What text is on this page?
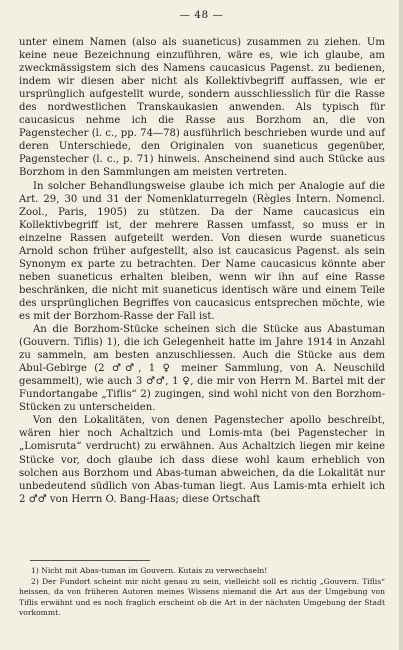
— 48 —

unter einem Namen (also als suaneticus) zusammen zu ziehen. Um keine neue Bezeichnung einzuführen, wäre es, wie ich glaube, am zweckmässigstem sich des Namens caucasicus Pagenst. zu bedienen, indem wir diesen aber nicht als Kollektivbegriff auffassen, wie er ursprünglich aufgestellt wurde, sondern ausschliesslich für die Rasse des nordwestlichen Transkaukasien anwenden. Als typisch für caucasicus nehme ich die Rasse aus Borzhom an, die von Pagenstecher (l. c., pp. 74—78) ausführlich beschrieben wurde und auf deren Unterschiede, den Originalen von suaneticus gegenüber, Pagenstecher (l. c., p. 71) hinweis. Anscheinend sind auch Stücke aus Borzhom in den Sammlungen am meisten vertreten.

In solcher Behandlungsweise glaube ich mich per Analogie auf die Art. 29, 30 und 31 der Nomenklaturregeln (Règles Intern. Nomencl. Zool., Paris, 1905) zu stützen. Da der Name caucasicus ein Kollektivbegriff ist, der mehrere Rassen umfasst, so muss er in einzelne Rassen aufgeteilt werden. Von diesen wurde suaneticus Arnold schon früher aufgestellt, also ist caucasicus Pagenst. als sein Synonym ex parte zu betrachten. Der Name caucasicus könnte aber neben suaneticus erhalten bleiben, wenn wir ihn auf eine Rasse beschränken, die nicht mit suaneticus identisch wäre und einem Teile des ursprünglichen Begriffes von caucasicus entsprechen möchte, wie es mit der Borzhom-Rasse der Fall ist.

An die Borzhom-Stücke scheinen sich die Stücke aus Abastuman (Gouvern. Tiflis) 1), die ich Gelegenheit hatte im Jahre 1914 in Anzahl zu sammeln, am besten anzuschliessen. Auch die Stücke aus dem Abul-Gebirge (2 ♂♂, 1 ♀ meiner Sammlung, von A. Neuschild gesammelt), wie auch 3 ♂♂, 1 ♀, die mir von Herrn M. Bartel mit der Fundortangabe „Tiflis“ 2) zugingen, sind wohl nicht von den Borzhom-Stücken zu unterscheiden.

Von den Lokalitäten, von denen Pagenstecher apollo beschreibt, wären hier noch Achaltzich und Lomis-mta (bei Pagenstecher in „Lomisruta“ verdrucht) zu erwähnen. Aus Achaltzich liegen mir keine Stücke vor, doch glaube ich dass diese wohl kaum erheblich von solchen aus Borzhom und Abas-tuman abweichen, da die Lokalität nur unbedeutend südlich von Abas-tuman liegt. Aus Lamis-mta erhielt ich 2 ♂♂ von Herrn O. Bang-Haas; diese Ortschaft

1) Nicht mit Abas-tuman im Gouvern. Kutais zu verwechseln!

2) Der Fundort scheint mir nicht genau zu sein, vielleicht soll es richtig „Gouvern. Tiflis“ heissen, da von früheren Autoren meines Wissens niemand die Art aus der Umgebung von Tiflis erwähnt und es noch fraglich erscheint ob die Art in der nächsten Umgebung der Stadt vorkommt.
